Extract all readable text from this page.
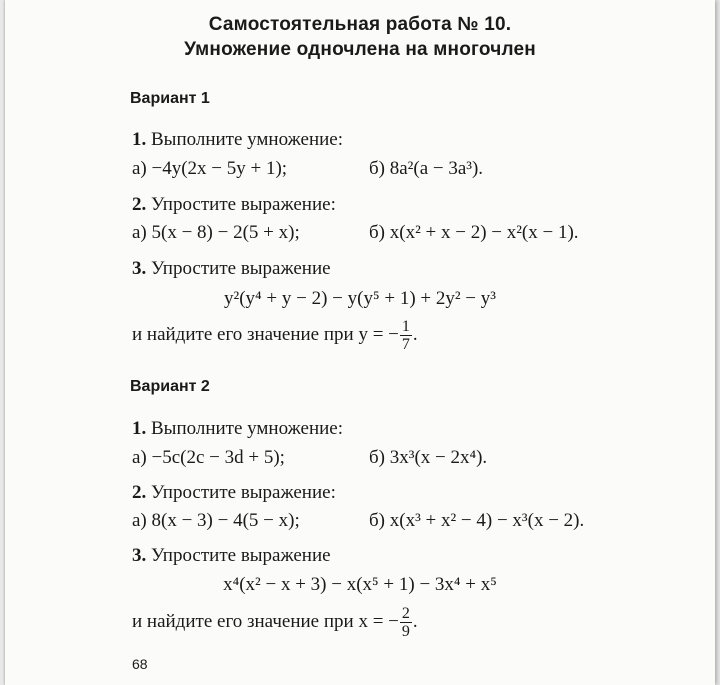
Самостоятельная работа № 10.
Умножение одночлена на многочлен
Вариант 1
1. Выполните умножение:
а) −4y(2x − 5y + 1);	б) 8a²(a − 3a³).
2. Упростите выражение:
а) 5(x − 8) − 2(5 + x);	б) x(x² + x − 2) − x²(x − 1).
3. Упростите выражение
y²(y⁴ + y − 2) − y(y⁵ + 1) + 2y² − y³
и найдите его значение при y = − $\frac{1}{7}$ .
Вариант 2
1. Выполните умножение:
а) −5c(2c − 3d + 5);	б) 3x³(x − 2x⁴).
2. Упростите выражение:
а) 8(x − 3) − 4(5 − x);	б) x(x³ + x² − 4) − x³(x − 2).
3. Упростите выражение
x⁴(x² − x + 3) − x(x⁵ + 1) − 3x⁴ + x⁵
и найдите его значение при x = − $\frac{2}{9}$ .
68
